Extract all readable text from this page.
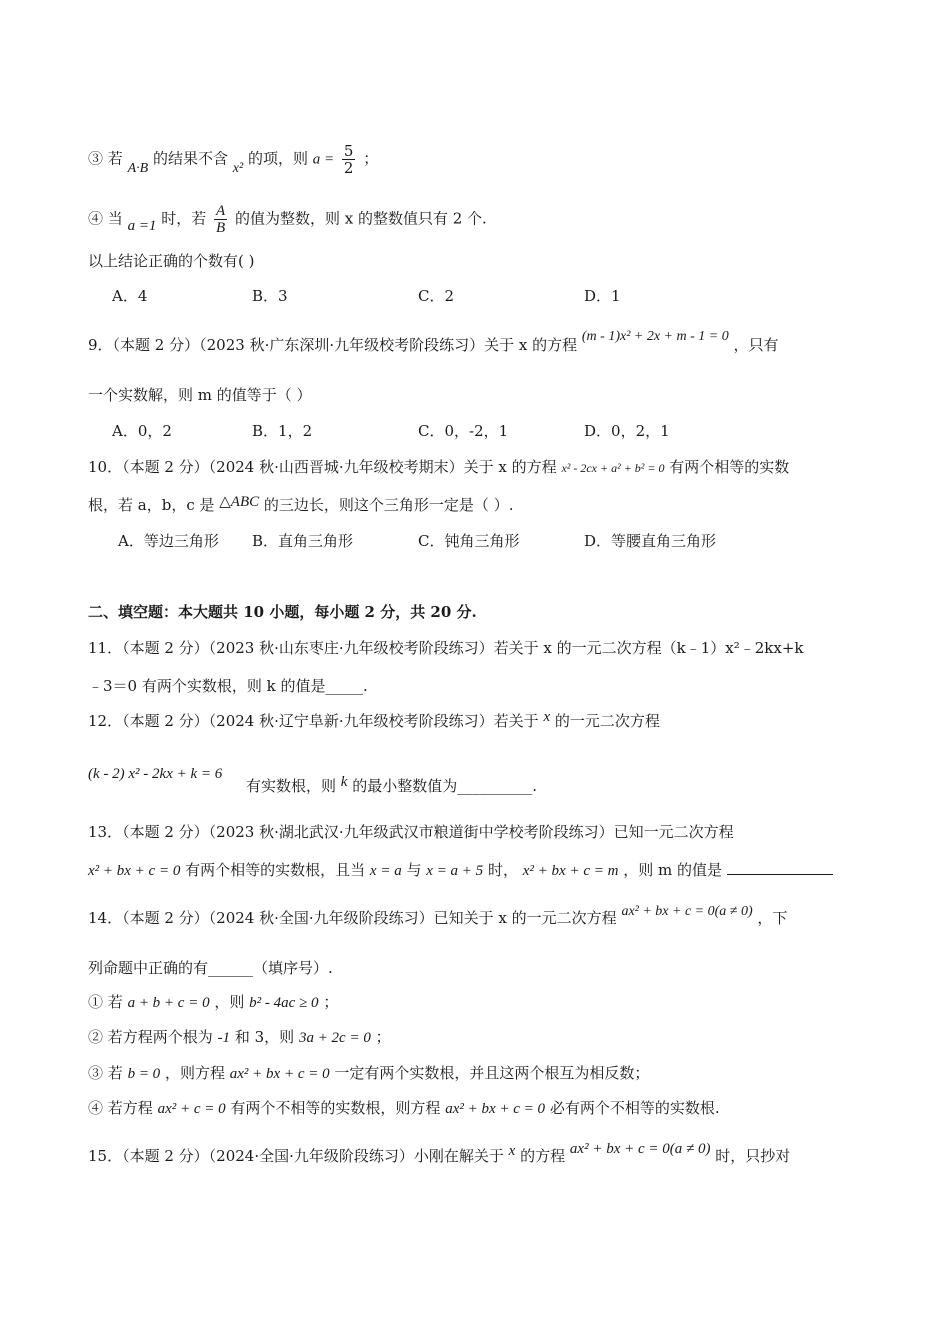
③ 若 A·B 的结果不含 x² 的项，则 $a = \frac{5}{2}$ ；
④ 当 a =1 时，若 $\frac{A}{B}$ 的值为整数，则 x 的整数值只有 2 个.
以上结论正确的个数有( )
A．4	B．3	C．2	D．1
9．（本题 2 分）（2023 秋·广东深圳·九年级校考阶段练习）关于 x 的方程 (m - 1)x² + 2x + m - 1 = 0 ，只有
一个实数解，则 m 的值等于（ ）
A．0，2	B．1，2	C．0，-2，1	D．0，2，1
10．（本题 2 分）（2024 秋·山西晋城·九年级校考期末）关于 x 的方程 x² - 2cx + a² + b² = 0 有两个相等的实数
根，若 a，b，c 是 △ABC 的三边长，则这个三角形一定是（ ）.
A．等边三角形 B．直角三角形	C．钝角三角形	D．等腰直角三角形
二、填空题：本大题共 10 小题，每小题 2 分，共 20 分.
11．（本题 2 分）（2023 秋·山东枣庄·九年级校考阶段练习）若关于 x 的一元二次方程（k﹣1）x²﹣2kx+k
﹣3＝0 有两个实数根，则 k 的值是_____.
12．（本题 2 分）（2024 秋·辽宁阜新·九年级校考阶段练习）若关于 x 的一元二次方程
(k - 2) x² - 2kx + k = 6
有实数根，则 k 的最小整数值为__________.
13．（本题 2 分）（2023 秋·湖北武汉·九年级武汉市粮道街中学校考阶段练习）已知一元二次方程
x² + bx + c = 0 有两个相等的实数根，且当 x = a 与 x = a + 5 时， x² + bx + c = m ，则 m 的值是
14．（本题 2 分）（2024 秋·全国·九年级阶段练习）已知关于 x 的一元二次方程 ax² + bx + c = 0(a ≠ 0) ，下
列命题中正确的有______（填序号）.
① 若 a + b + c = 0 ，则 b² - 4ac ≥ 0 ；
② 若方程两个根为 -1 和 3，则 3a + 2c = 0 ；
③ 若 b = 0 ，则方程 ax² + bx + c = 0 一定有两个实数根，并且这两个根互为相反数；
④ 若方程 ax² + c = 0 有两个不相等的实数根，则方程 ax² + bx + c = 0 必有两个不相等的实数根.
15．（本题 2 分）（2024·全国·九年级阶段练习）小刚在解关于 x 的方程 ax² + bx + c = 0(a ≠ 0) 时，只抄对
